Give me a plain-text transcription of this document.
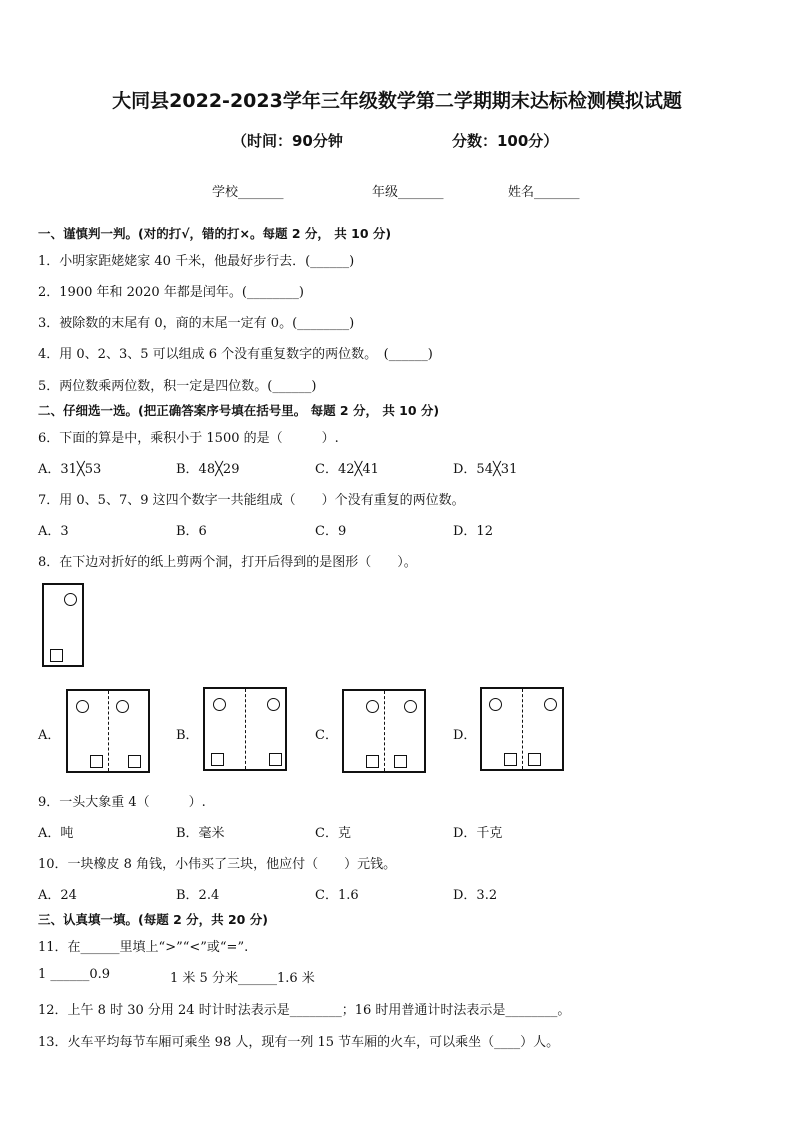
大同县2022-2023学年三年级数学第二学期期末达标检测模拟试题
（时间：90分钟	分数：100分）
学校_______	年级_______	姓名_______
一、谨慎判一判。(对的打√，错的打×。每题 2 分， 共 10 分)
1．小明家距姥姥家 40 千米，他最好步行去．(______)
2．1900 年和 2020 年都是闰年。(________)
3．被除数的末尾有 0，商的末尾一定有 0。(________)
4．用 0、2、3、5 可以组成 6 个没有重复数字的两位数。　(______)
5．两位数乘两位数，积一定是四位数。(______)
二、仔细选一选。(把正确答案序号填在括号里。 每题 2 分， 共 10 分)
6．下面的算是中，乘积小于 1500 的是（　　　）.
A．31╳53	B．48╳29	C．42╳41	D．54╳31
7．用 0、5、7、9 这四个数字一共能组成（　　）个没有重复的两位数。
A．3	B．6	C．9	D．12
8．在下边对折好的纸上剪两个洞，打开后得到的是图形（　　）。
A．	B．	C．	D．
9．一头大象重 4（　　　）.
A．吨	B．毫米	C．克	D．千克
10．一块橡皮 8 角钱，小伟买了三块，他应付（　　）元钱。
A．24	B．2.4	C．1.6	D．3.2
三、认真填一填。(每题 2 分，共 20 分)
11．在______里填上“>”“<”或“=”.
1 ______0.9	1 米 5 分米______1.6 米
12．上午 8 时 30 分用 24 时计时法表示是________；16 时用普通计时法表示是________。
13．火车平均每节车厢可乘坐 98 人，现有一列 15 节车厢的火车，可以乘坐（____）人。
